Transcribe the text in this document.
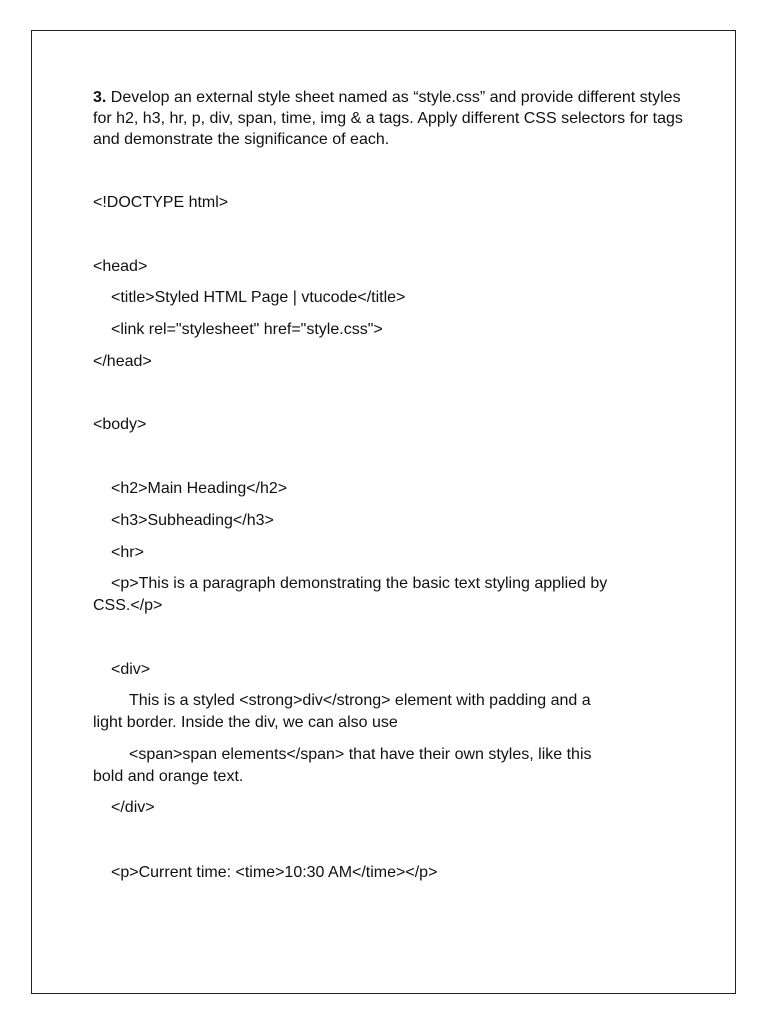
3. Develop an external style sheet named as “style.css” and provide different styles for h2, h3, hr, p, div, span, time, img & a tags. Apply different CSS selectors for tags and demonstrate the significance of each.
<!DOCTYPE html>
<head>
<title>Styled HTML Page | vtucode</title>
<link rel="stylesheet" href="style.css">
</head>
<body>
<h2>Main Heading</h2>
<h3>Subheading</h3>
<hr>
<p>This is a paragraph demonstrating the basic text styling applied by
CSS.</p>
<div>
This is a styled <strong>div</strong> element with padding and a
light border. Inside the div, we can also use
<span>span elements</span> that have their own styles, like this
bold and orange text.
</div>
<p>Current time: <time>10:30 AM</time></p>
